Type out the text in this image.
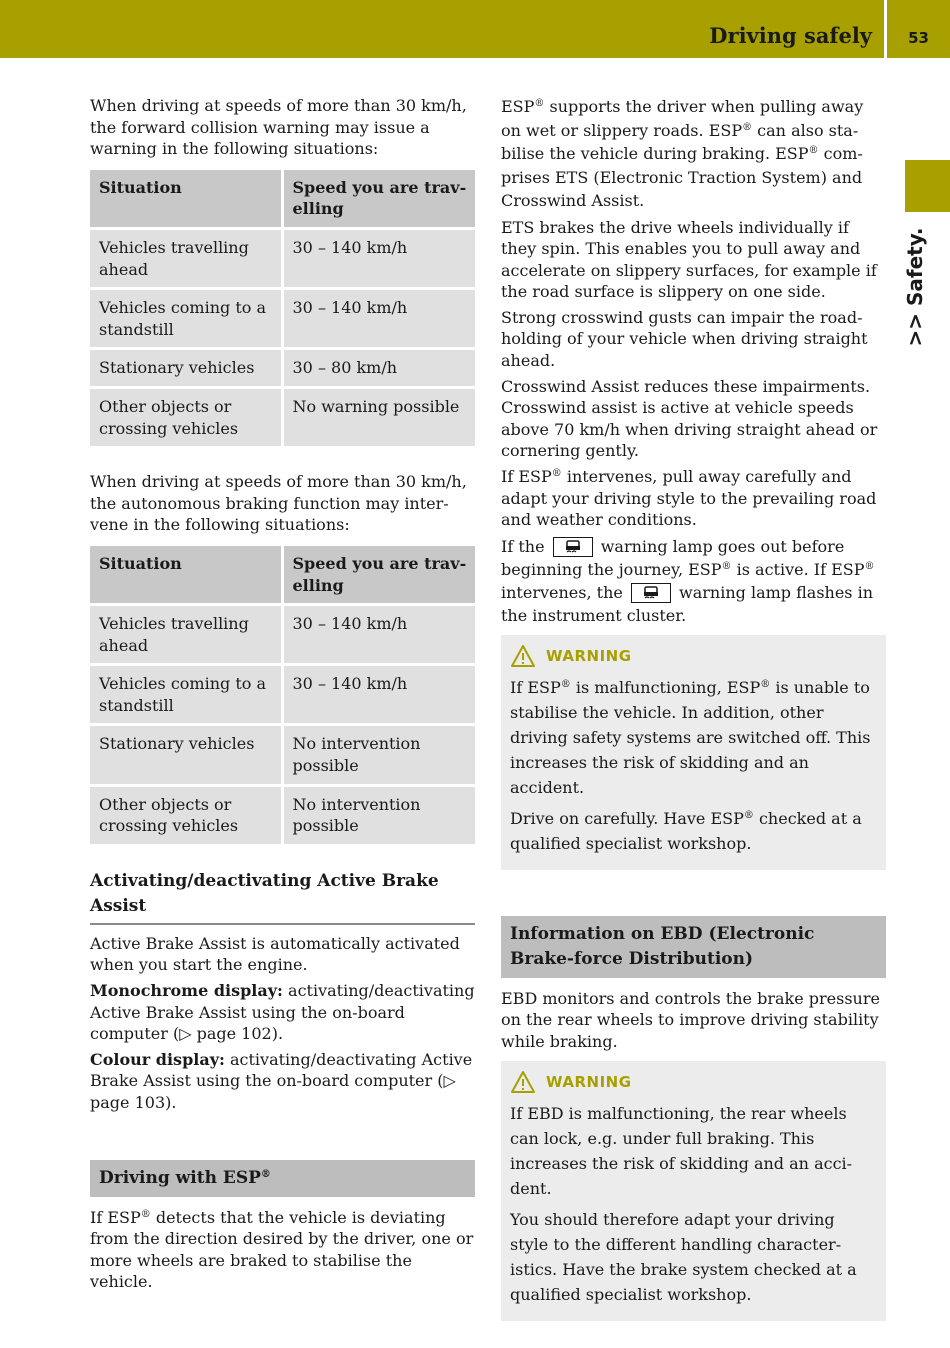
Driving safely	53
>> Safety.

When driving at speeds of more than 30 km/h, the forward collision warning may issue a warning in the following situations:

Situation	Speed you are travelling
Vehicles travelling ahead	30 – 140 km/h
Vehicles coming to a standstill	30 – 140 km/h
Stationary vehicles	30 – 80 km/h
Other objects or crossing vehicles	No warning possible

When driving at speeds of more than 30 km/h, the autonomous braking function may intervene in the following situations:

Situation	Speed you are travelling
Vehicles travelling ahead	30 – 140 km/h
Vehicles coming to a standstill	30 – 140 km/h
Stationary vehicles	No intervention possible
Other objects or crossing vehicles	No intervention possible
Activating/deactivating Active Brake Assist

Active Brake Assist is automatically activated when you start the engine.

Monochrome display: activating/deactivating Active Brake Assist using the on-board computer (▷ page 102).

Colour display: activating/deactivating Active Brake Assist using the on-board computer (▷ page 103).

Driving with ESP®

If ESP® detects that the vehicle is deviating from the direction desired by the driver, one or more wheels are braked to stabilise the vehicle.

ESP® supports the driver when pulling away on wet or slippery roads. ESP® can also stabilise the vehicle during braking. ESP® comprises ETS (Electronic Traction System) and Crosswind Assist.

ETS brakes the drive wheels individually if they spin. This enables you to pull away and accelerate on slippery surfaces, for example if the road surface is slippery on one side.

Strong crosswind gusts can impair the road-holding of your vehicle when driving straight ahead.

Crosswind Assist reduces these impairments. Crosswind assist is active at vehicle speeds above 70 km/h when driving straight ahead or cornering gently.

If ESP® intervenes, pull away carefully and adapt your driving style to the prevailing road and weather conditions.

If the	warning lamp goes out before beginning the journey, ESP® is active. If ESP® intervenes, the	warning lamp flashes in the instrument cluster.

WARNING

If ESP® is malfunctioning, ESP® is unable to stabilise the vehicle. In addition, other driving safety systems are switched off. This increases the risk of skidding and an accident.

Drive on carefully. Have ESP® checked at a qualified specialist workshop.

Information on EBD (Electronic Brake-force Distribution)

EBD monitors and controls the brake pressure on the rear wheels to improve driving stability while braking.

WARNING

If EBD is malfunctioning, the rear wheels can lock, e.g. under full braking. This increases the risk of skidding and an accident.

You should therefore adapt your driving style to the different handling characteristics. Have the brake system checked at a qualified specialist workshop.
